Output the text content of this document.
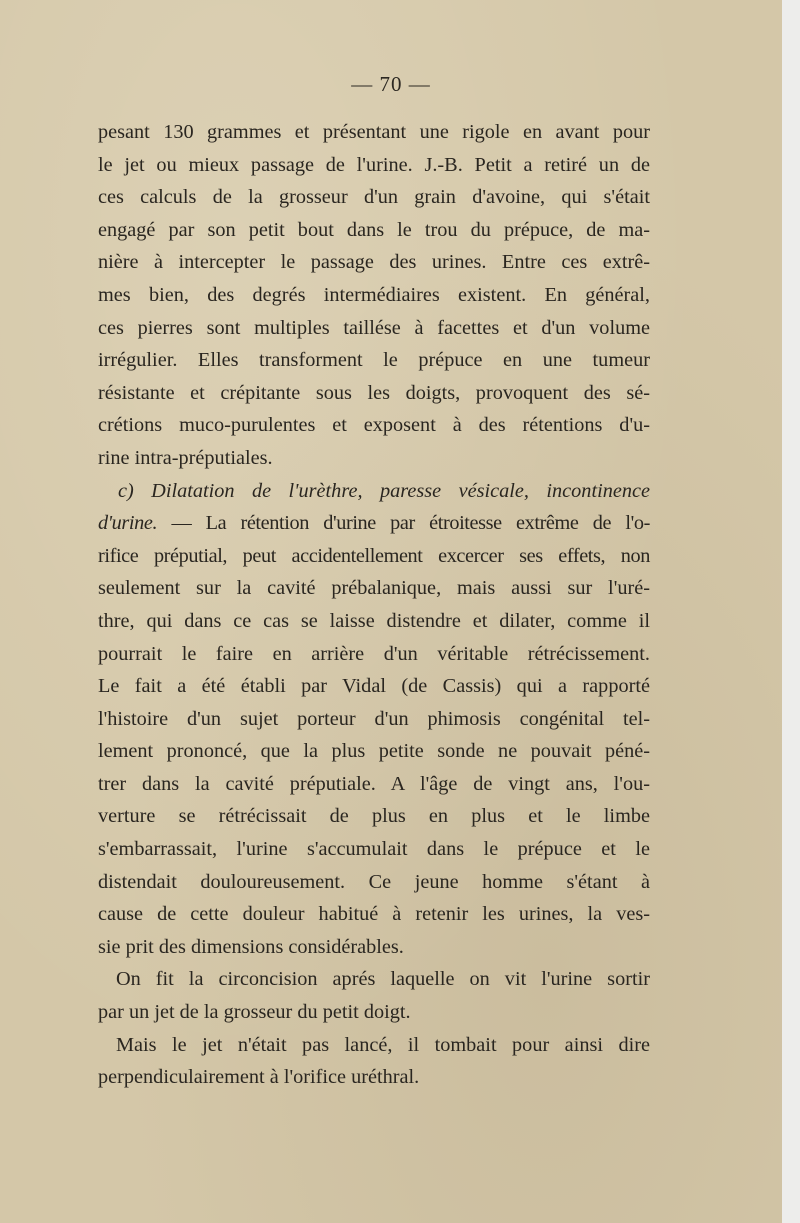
— 70 —
pesant 130 grammes et présentant une rigole en avant pour
le jet ou mieux passage de l'urine. J.-B. Petit a retiré un de
ces calculs de la grosseur d'un grain d'avoine, qui s'était
engagé par son petit bout dans le trou du prépuce, de ma-
nière à intercepter le passage des urines. Entre ces extrê-
mes bien, des degrés intermédiaires existent. En général,
ces pierres sont multiples taillése à facettes et d'un volume
irrégulier. Elles transforment le prépuce en une tumeur
résistante et crépitante sous les doigts, provoquent des sé-
crétions muco-purulentes et exposent à des rétentions d'u-
rine intra-préputiales.
c) Dilatation de l'urèthre, paresse vésicale, incontinence
d'urine. — La rétention d'urine par étroitesse extrême de l'o-
rifice préputial, peut accidentellement excercer ses effets, non
seulement sur la cavité prébalanique, mais aussi sur l'uré-
thre, qui dans ce cas se laisse distendre et dilater, comme il
pourrait le faire en arrière d'un véritable rétrécissement.
Le fait a été établi par Vidal (de Cassis) qui a rapporté
l'histoire d'un sujet porteur d'un phimosis congénital tel-
lement prononcé, que la plus petite sonde ne pouvait péné-
trer dans la cavité préputiale. A l'âge de vingt ans, l'ou-
verture se rétrécissait de plus en plus et le limbe
s'embarrassait, l'urine s'accumulait dans le prépuce et le
distendait douloureusement. Ce jeune homme s'étant à
cause de cette douleur habitué à retenir les urines, la ves-
sie prit des dimensions considérables.
On fit la circoncision aprés laquelle on vit l'urine sortir
par un jet de la grosseur du petit doigt.
Mais le jet n'était pas lancé, il tombait pour ainsi dire
perpendiculairement à l'orifice uréthral.
